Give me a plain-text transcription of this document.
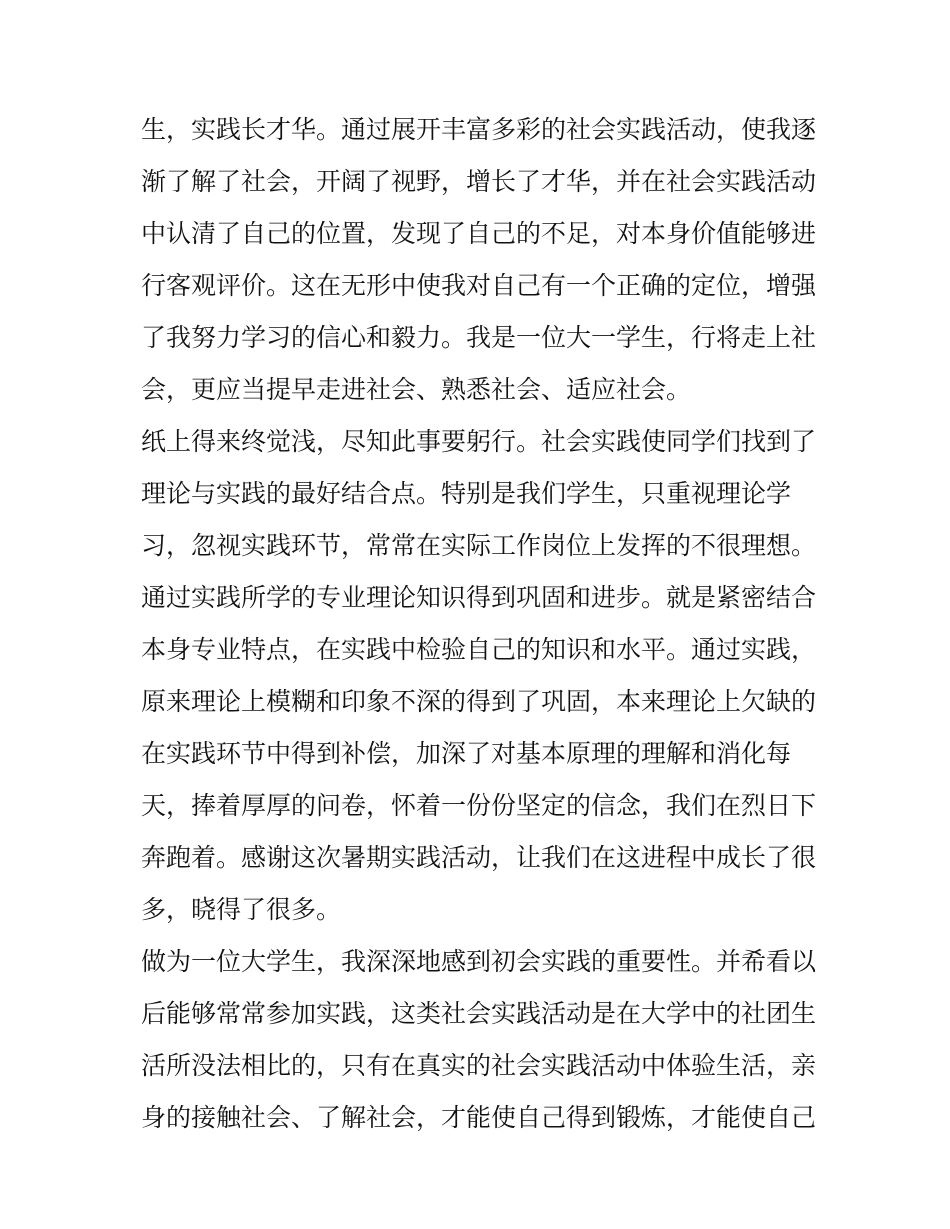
生，实践长才华。通过展开丰富多彩的社会实践活动，使我逐
渐了解了社会，开阔了视野，增长了才华，并在社会实践活动
中认清了自己的位置，发现了自己的不足，对本身价值能够进
行客观评价。这在无形中使我对自己有一个正确的定位，增强
了我努力学习的信心和毅力。我是一位大一学生，行将走上社
会，更应当提早走进社会、熟悉社会、适应社会。
纸上得来终觉浅，尽知此事要躬行。社会实践使同学们找到了
理论与实践的最好结合点。特别是我们学生，只重视理论学
习，忽视实践环节，常常在实际工作岗位上发挥的不很理想。
通过实践所学的专业理论知识得到巩固和进步。就是紧密结合
本身专业特点，在实践中检验自己的知识和水平。通过实践，
原来理论上模糊和印象不深的得到了巩固，本来理论上欠缺的
在实践环节中得到补偿，加深了对基本原理的理解和消化每
天，捧着厚厚的问卷，怀着一份份坚定的信念，我们在烈日下
奔跑着。感谢这次暑期实践活动，让我们在这进程中成长了很
多，晓得了很多。
做为一位大学生，我深深地感到初会实践的重要性。并希看以
后能够常常参加实践，这类社会实践活动是在大学中的社团生
活所没法相比的，只有在真实的社会实践活动中体验生活，亲
身的接触社会、了解社会，才能使自己得到锻炼，才能使自己
